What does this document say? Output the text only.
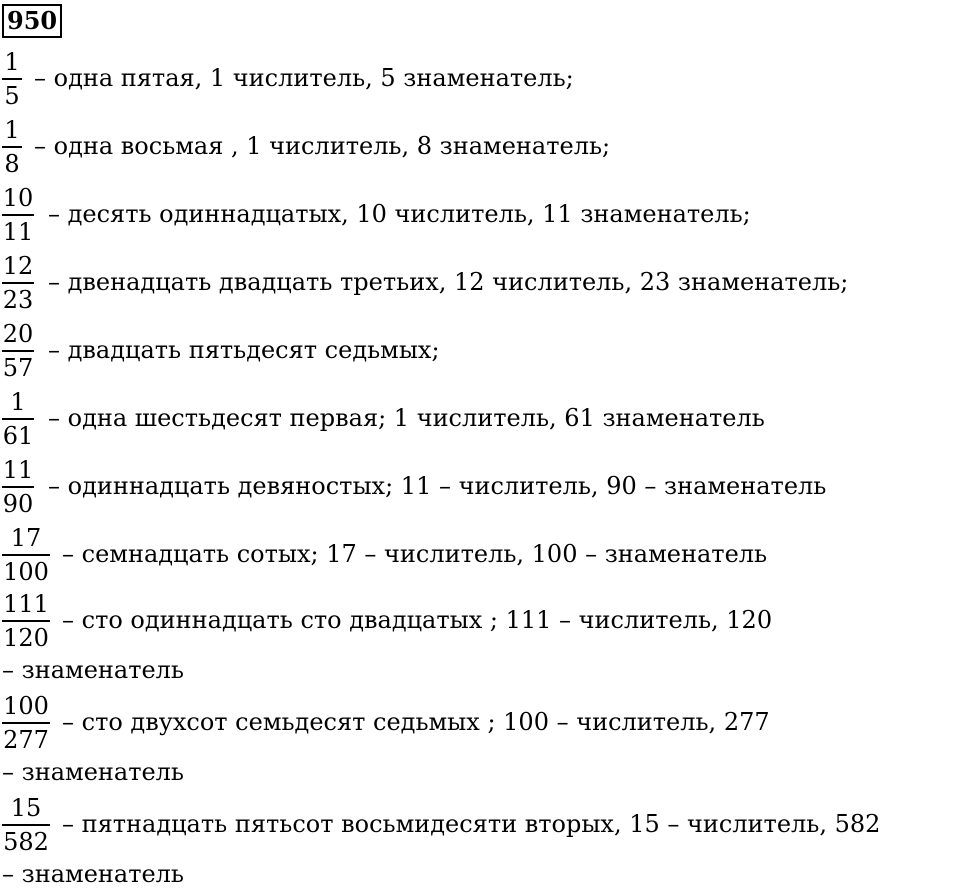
950
1
5
– одна пятая, 1 числитель, 5 знаменатель;
1
8
– одна восьмая , 1 числитель, 8 знаменатель;
10
11
– десять одиннадцатых, 10 числитель, 11 знаменатель;
12
23
– двенадцать двадцать третьих, 12 числитель, 23 знаменатель;
20
57
– двадцать пятьдесят седьмых;
1
61
– одна шестьдесят первая; 1 числитель, 61 знаменатель
11
90
– одиннадцать девяностых; 11 – числитель, 90 – знаменатель
17
100
– семнадцать сотых; 17 – числитель, 100 – знаменатель
111
120
– сто одиннадцать сто двадцатых ; 111 – числитель, 120
– знаменатель
100
277
– сто двухсот семьдесят седьмых ; 100 – числитель, 277
– знаменатель
15
582
– пятнадцать пятьсот восьмидесяти вторых, 15 – числитель, 582
– знаменатель
